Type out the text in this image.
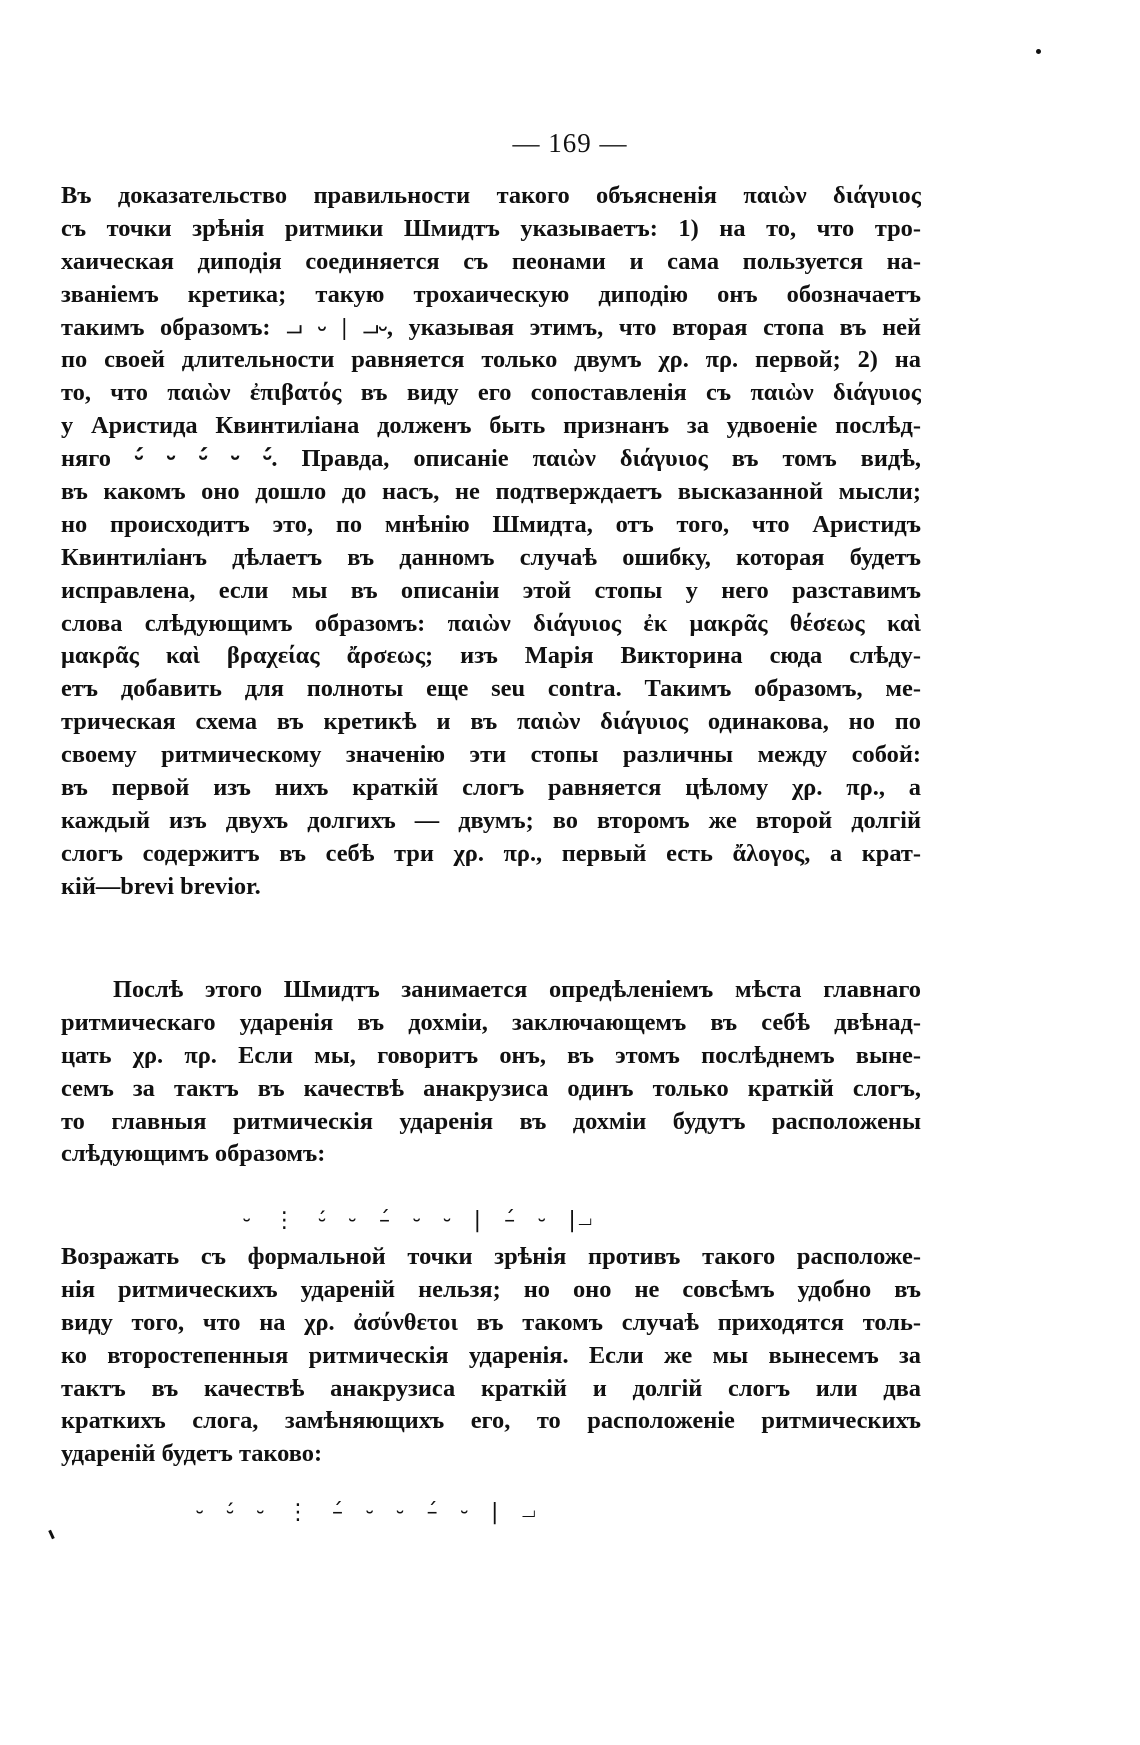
— 169 —
Въ доказательство правильности такого объясненія παιὼν διάγυιος
съ точки зрѣнія ритмики Шмидтъ указываетъ: 1) на то, что тро-
хаическая диподія соединяется съ пеонами и сама пользуется на-
званіемъ кретика; такую трохаическую диподію онъ обозначаетъ
такимъ образомъ: ⏗ ⏑ | ⏗⏑, указывая этимъ, что вторая стопа въ ней
по своей длительности равняется только двумъ χρ. πρ. первой; 2) на
то, что παιὼν ἐπιβατός въ виду его сопоставленія съ παιὼν διάγυιος
у Аристида Квинтиліана долженъ быть признанъ за удвоеніе послѣд-
няго ⏑́ ⏑ ⏑́ ⏑ ⏑́. Правда, описаніе παιὼν διάγυιος въ томъ видѣ,
въ какомъ оно дошло до насъ, не подтверждаетъ высказанной мысли;
но происходитъ это, по мнѣнію Шмидта, отъ того, что Аристидъ
Квинтиліанъ дѣлаетъ въ данномъ случаѣ ошибку, которая будетъ
исправлена, если мы въ описаніи этой стопы у него разставимъ
слова слѣдующимъ образомъ: παιὼν διάγυιος ἐκ μακρᾶς θέσεως καὶ
μακρᾶς καὶ βραχείας ἄρσεως; изъ Марія Викторина сюда слѣду-
етъ добавить для полноты еще seu contra. Такимъ образомъ, ме-
трическая схема въ кретикѣ и въ παιὼν διάγυιος одинакова, но по
своему ритмическому значенію эти стопы различны между собой:
въ первой изъ нихъ краткій слогъ равняется цѣлому χρ. πρ., а
каждый изъ двухъ долгихъ — двумъ; во второмъ же второй долгій
слогъ содержитъ въ себѣ три χρ. πρ., первый есть ἄλογος, а крат-
кій—brevi brevior.
Послѣ этого Шмидтъ занимается опредѣленіемъ мѣста главнаго
ритмическаго ударенія въ дохміи, заключающемъ въ себѣ двѣнад-
цать χρ. πρ. Если мы, говоритъ онъ, въ этомъ послѣднемъ выне-
семъ за тактъ въ качествѣ анакрузиса одинъ только краткій слогъ,
то главныя ритмическія ударенія въ дохміи будутъ расположены
слѣдующимъ образомъ:
⏑ ⋮ ⏑́ ⏑ –́ ⏑ ⏑ | –́ ⏑ |⏗
Возражать съ формальной точки зрѣнія противъ такого расположе-
нія ритмическихъ удареній нельзя; но оно не совсѣмъ удобно въ
виду того, что на χρ. ἀσύνθετοι въ такомъ случаѣ приходятся толь-
ко второстепенныя ритмическія ударенія. Если же мы вынесемъ за
тактъ въ качествѣ анакрузиса краткій и долгій слогъ или два
краткихъ слога, замѣняющихъ его, то расположеніе ритмическихъ
удареній будетъ таково:
⏑ ⏑́ ⏑ ⋮ –́ ⏑ ⏑ –́ ⏑ | ⏗
